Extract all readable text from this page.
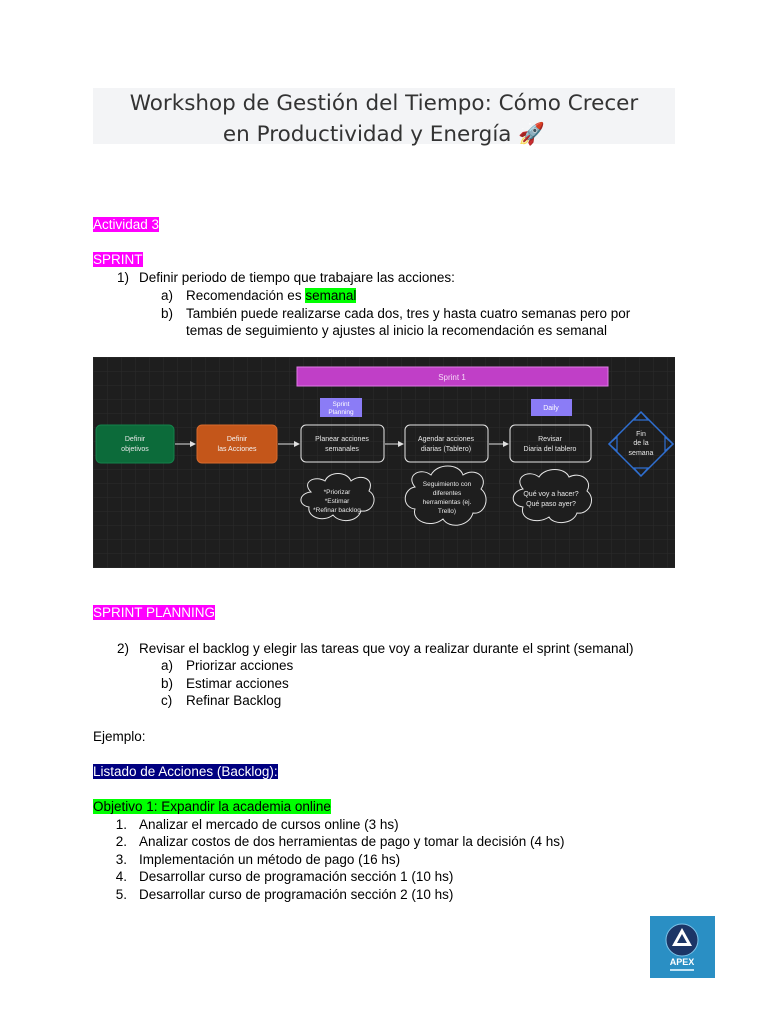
Workshop de Gestión del Tiempo: Cómo Crecer
en Productividad y Energía 🚀
Actividad 3
SPRINT
1) Definir periodo de tiempo que trabajare las acciones:
a) Recomendación es semanal
b) También puede realizarse cada dos, tres y hasta cuatro semanas pero por
temas de seguimiento y ajustes al inicio la recomendación es semanal
Sprint 1
Sprint
Planning
Daily
Definir
objetivos
Definir
las Acciones
Planear acciones
semanales
Agendar acciones
diarias (Tablero)
Revisar
Diaria del tablero
Fin
de la
semana
*Priorizar
*Estimar
*Refinar backlog
Seguimiento con
diferentes
herramientas (ej.
Trello)
Qué voy a hacer?
Qué paso ayer?
SPRINT PLANNING
2) Revisar el backlog y elegir las tareas que voy a realizar durante el sprint (semanal)
a) Priorizar acciones
b) Estimar acciones
c) Refinar Backlog
Ejemplo:
Listado de Acciones (Backlog):
Objetivo 1: Expandir la academia online
1. Analizar el mercado de cursos online (3 hs)
2. Analizar costos de dos herramientas de pago y tomar la decisión (4 hs)
3. Implementación un método de pago (16 hs)
4. Desarrollar curso de programación sección 1 (10 hs)
5. Desarrollar curso de programación sección 2 (10 hs)
APEX
